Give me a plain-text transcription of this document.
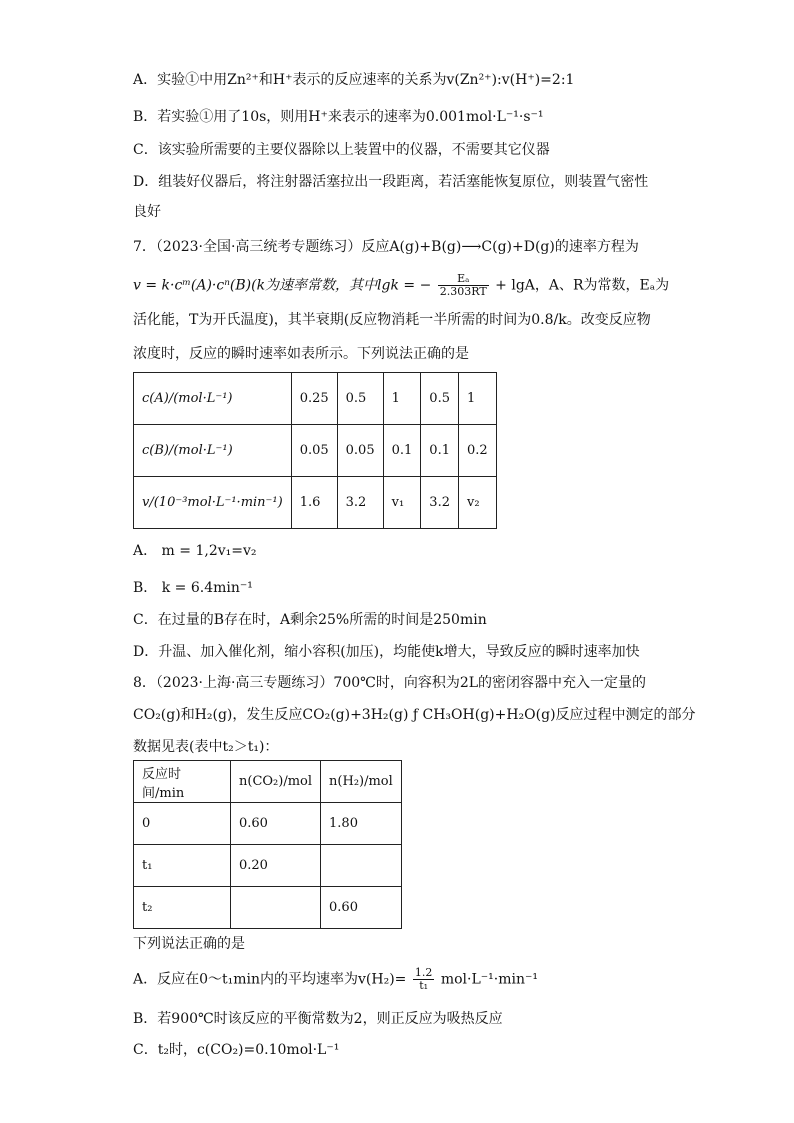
A．实验①中用Zn²⁺和H⁺表示的反应速率的关系为v(Zn²⁺):v(H⁺)=2:1
B．若实验①用了10s，则用H⁺来表示的速率为0.001mol·L⁻¹·s⁻¹
C．该实验所需要的主要仪器除以上装置中的仪器，不需要其它仪器
D．组装好仪器后，将注射器活塞拉出一段距离，若活塞能恢复原位，则装置气密性
良好
7．（2023·全国·高三统考专题练习）反应A(g)+B(g)⟶C(g)+D(g)的速率方程为
v = k·cᵐ(A)·cⁿ(B)(k为速率常数，其中lgk = − $\frac{\text{Eₐ}}{2.303RT} + \lg A$，A、R为常数，Eₐ为
活化能，T为开氏温度)，其半衰期(反应物消耗一半所需的时间为0.8/k。改变反应物
浓度时，反应的瞬时速率如表所示。下列说法正确的是
c(A)/(mol·L⁻¹)	0.25	0.5	1	0.5	1
c(B)/(mol·L⁻¹)	0.05	0.05	0.1	0.1	0.2
v/(10⁻³mol·L⁻¹·min⁻¹)	1.6	3.2	v₁	3.2	v₂
A． m = 1,2v₁=v₂
B． k = 6.4min⁻¹
C．在过量的B存在时，A剩余25%所需的时间是250min
D．升温、加入催化剂，缩小容积(加压)，均能使k增大，导致反应的瞬时速率加快
8．（2023·上海·高三专题练习）700℃时，向容积为2L的密闭容器中充入一定量的
CO₂(g)和H₂(g)，发生反应CO₂(g)+3H₂(g) ƒ CH₃OH(g)+H₂O(g)反应过程中测定的部分
数据见表(表中t₂＞t₁)：
反应时间/min	n(CO₂)/mol	n(H₂)/mol
0	0.60	1.80
t₁	0.20	
t₂		0.60
下列说法正确的是
A．反应在0～t₁min内的平均速率为$v(H_2)= \frac{1.2}{\text{t₁}} mol\cdot L^{-1}\cdot\min^{-1}$
B．若900℃时该反应的平衡常数为2，则正反应为吸热反应
C．t₂时，c(CO₂)=0.10mol·L⁻¹
